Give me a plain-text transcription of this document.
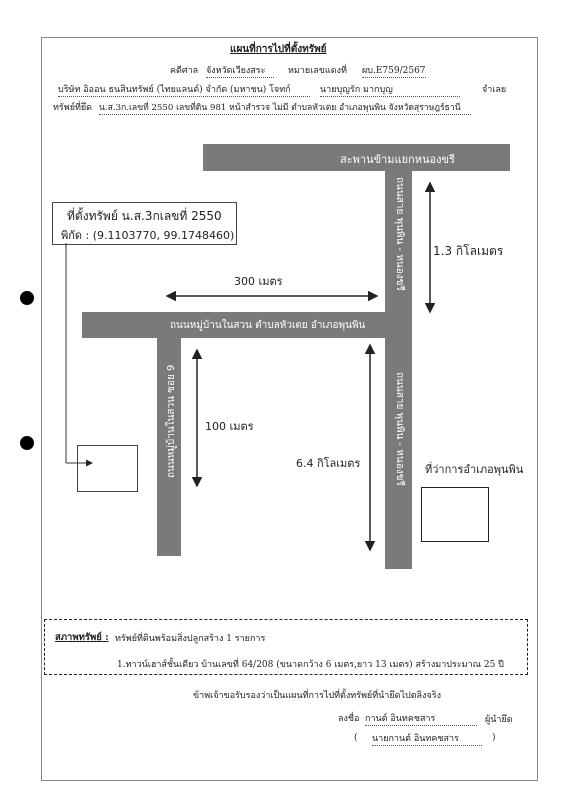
แผนที่การไปที่ตั้งทรัพย์
คดีศาล จังหวัดเวียงสระ	หมายเลขแดงที่ ผบ.E759/2567
บริษัท อิออน ธนสินทรัพย์ (ไทยแลนด์) จำกัด (มหาชน) โจทก์	นายบุญรัก มากบุญ	จำเลย
ทรัพย์ที่ยึด น.ส.3ก.เลขที่ 2550 เลขที่ดิน 981 หน้าสำรวจ ไม่มี ตำบลหัวเตย อำเภอพุนพิน จังหวัดสุราษฎร์ธานี
สะพานข้ามแยกหนองขรี
ถนนหมู่บ้านในสวน ตำบลหัวเตย อำเภอพุนพิน
ถนนหมู่บ้านในสวน ซอย 9
ถนนสาย พุนพิน - หนองขรี
ถนนสาย พุนพิน - หนองขรี
ที่ตั้งทรัพย์ น.ส.3กเลขที่ 2550
พิกัด : (9.1103770, 99.1748460)
ที่ว่าการอำเภอพุนพิน
300 เมตร
1.3 กิโลเมตร
100 เมตร
6.4 กิโลเมตร
สภาพทรัพย์ : ทรัพย์ที่ดินพร้อมสิ่งปลูกสร้าง 1 รายการ
1.ทาวน์เฮาส์ชั้นเดียว บ้านเลขที่ 64/208 (ขนาดกว้าง 6 เมตร,ยาว 13 เมตร) สร้างมาประมาณ 25 ปี
ข้าพเจ้าขอรับรองว่าเป็นแผนที่การไปที่ตั้งทรัพย์ที่นำยึดไปตลิงจริง
ลงชื่อ กานต์ อินทคชสาร	ผู้นำยึด
( นายกานต์ อินทคชสาร	)
